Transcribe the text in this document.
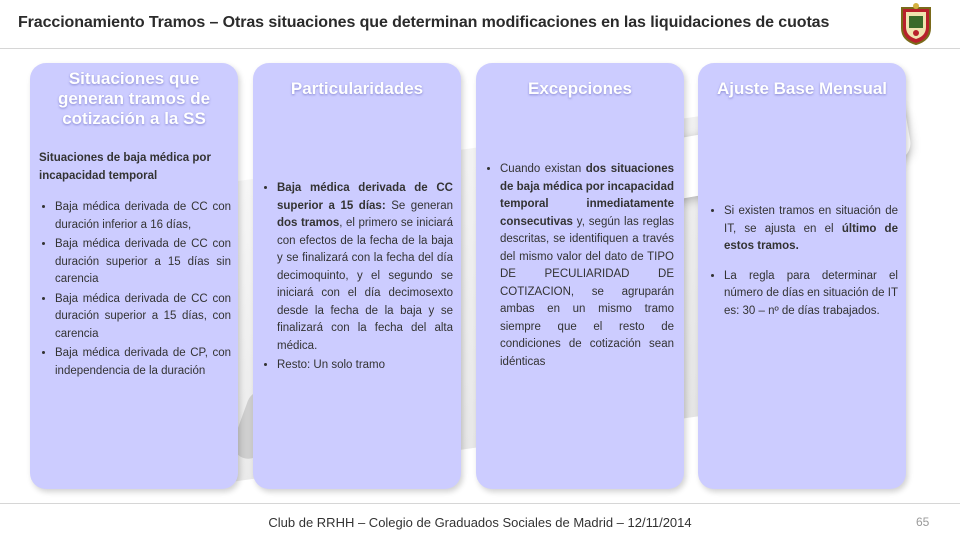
Fraccionamiento Tramos – Otras situaciones que determinan modificaciones en las liquidaciones de cuotas
Situaciones que generan tramos de cotización a la SS
Situaciones de baja médica por incapacidad temporal
• Baja médica derivada de CC con duración inferior a 16 días,
• Baja médica derivada de CC con duración superior a 15 días sin carencia
• Baja médica derivada de CC con duración superior a 15 días, con carencia
• Baja médica derivada de CP, con independencia de la duración
Particularidades
• Baja médica derivada de CC superior a 15 días: Se generan dos tramos, el primero se iniciará con efectos de la fecha de la baja y se finalizará con la fecha del día decimoquinto, y el segundo se iniciará con el día decimosexto desde la fecha de la baja y se finalizará con la fecha del alta médica.
• Resto: Un solo tramo
Excepciones
• Cuando existan dos situaciones de baja médica por incapacidad temporal inmediatamente consecutivas y, según las reglas descritas, se identifiquen a través del mismo valor del dato de TIPO DE PECULIARIDAD DE COTIZACION, se agruparán ambas en un mismo tramo siempre que el resto de condiciones de cotización sean idénticas
Ajuste Base Mensual
• Si existen tramos en situación de IT, se ajusta en el último de estos tramos.
• La regla para determinar el número de días en situación de IT es: 30 – nº de días trabajados.
Club de RRHH – Colegio de Graduados Sociales de Madrid – 12/11/2014	65
